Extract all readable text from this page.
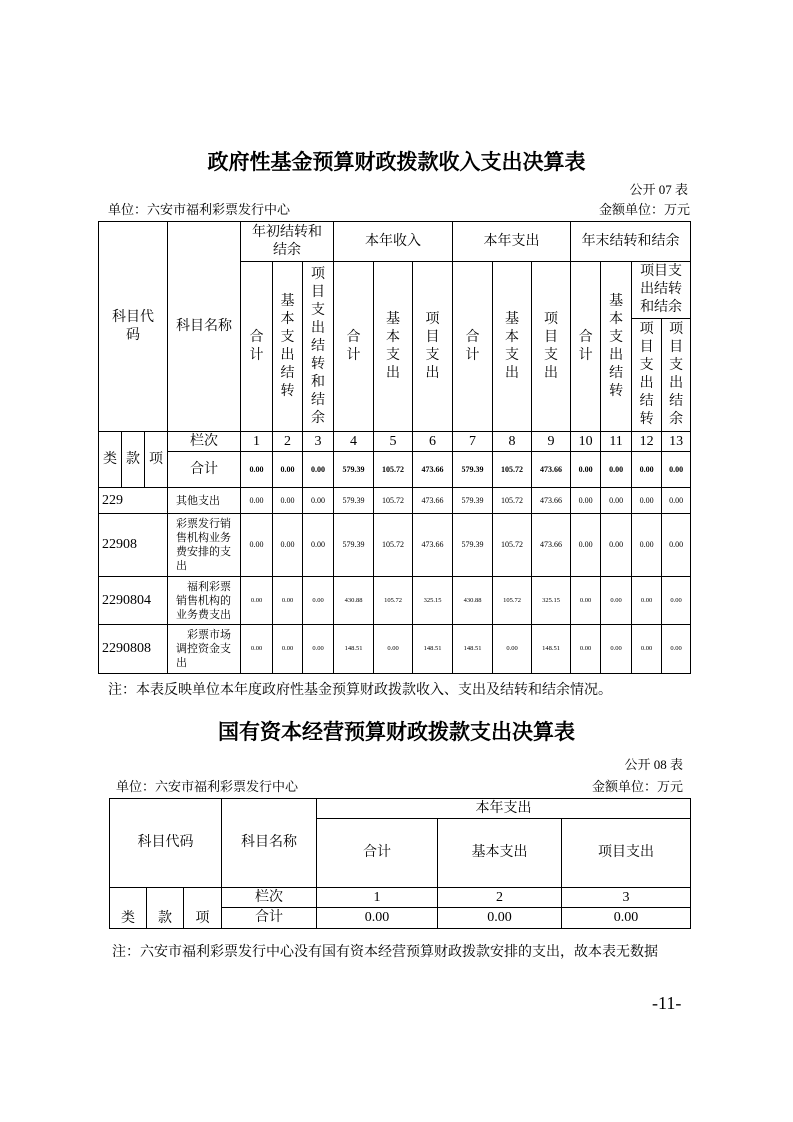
政府性基金预算财政拨款收入支出决算表
公开 07 表
单位：六安市福利彩票发行中心	金额单位：万元
科目代码			科目名称	年初结转和结余			本年收入			本年支出			年末结转和结余			
				合计	基本支出结转	项目支出结转和结余	合计	基本支出	项目支出	合计	基本支出	项目支出	合计	基本支出结转	项目支出结转和结余	
															项目支出结转	项目支出结余
类	款	项	栏次	1	2	3	4	5	6	7	8	9	10	11	12	13
			合计	0.00	0.00	0.00	579.39	105.72	473.66	579.39	105.72	473.66	0.00	0.00	0.00	0.00
229			其他支出	0.00	0.00	0.00	579.39	105.72	473.66	579.39	105.72	473.66	0.00	0.00	0.00	0.00
22908			彩票发行销售机构业务费安排的支出	0.00	0.00	0.00	579.39	105.72	473.66	579.39	105.72	473.66	0.00	0.00	0.00	0.00
2290804			福利彩票销售机构的业务费支出	0.00	0.00	0.00	430.88	105.72	325.15	430.88	105.72	325.15	0.00	0.00	0.00	0.00
2290808			彩票市场调控资金支出	0.00	0.00	0.00	148.51	0.00	148.51	148.51	0.00	148.51	0.00	0.00	0.00	0.00
注：本表反映单位本年度政府性基金预算财政拨款收入、支出及结转和结余情况。
国有资本经营预算财政拨款支出决算表
公开 08 表
单位：六安市福利彩票发行中心	金额单位：万元
科目代码			科目名称	本年支出		
				合计	基本支出	项目支出
类	款	项	栏次	1	2	3
			合计	0.00	0.00	0.00
注：六安市福利彩票发行中心没有国有资本经营预算财政拨款安排的支出，故本表无数据
-11-
